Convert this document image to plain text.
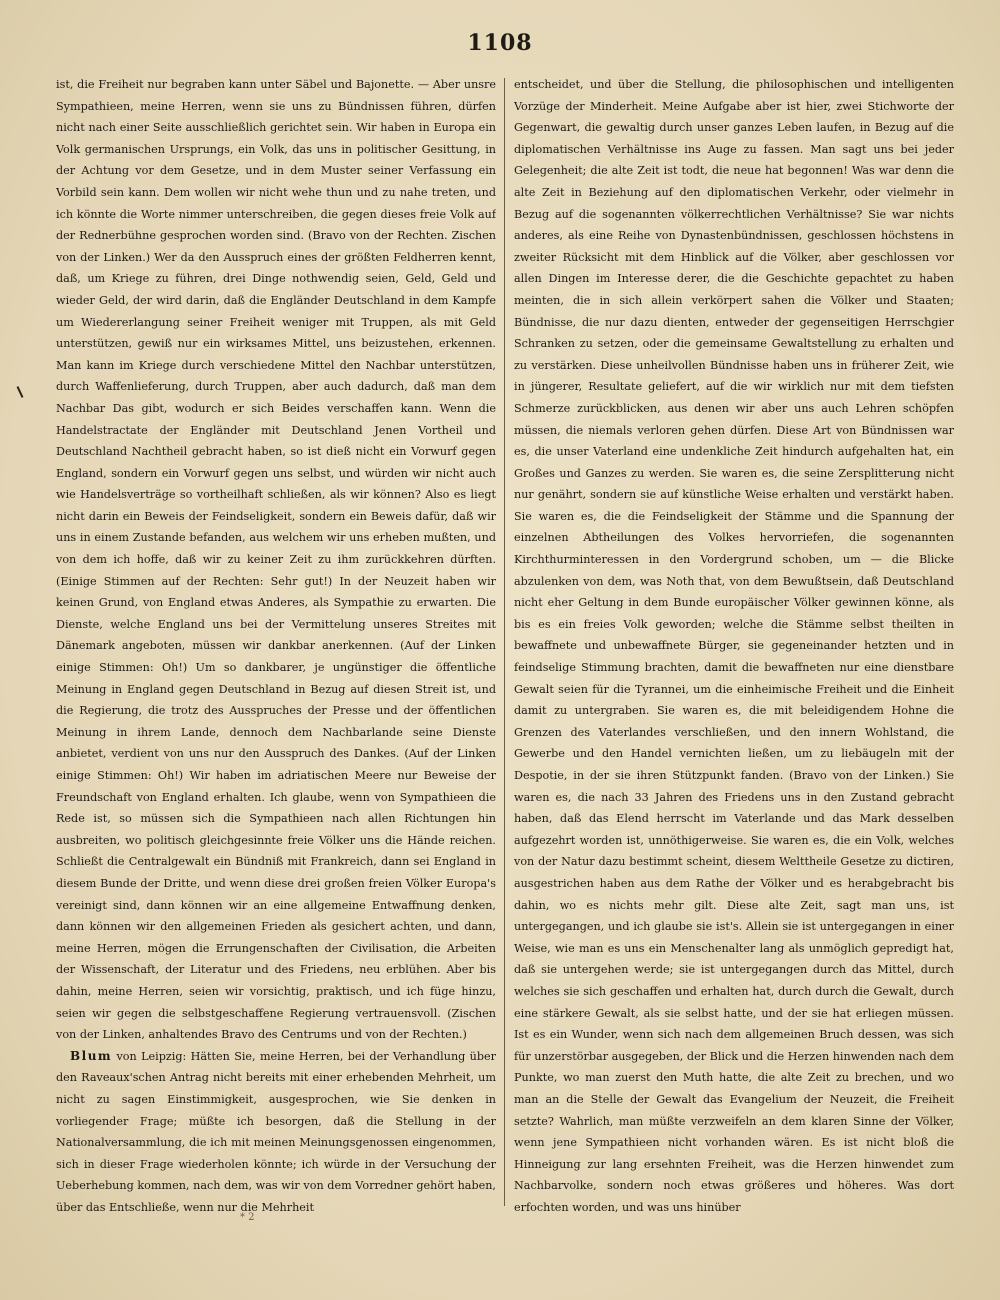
1108

ist, die Freiheit nur begraben kann unter Säbel und Bajonette. — Aber unsre Sympathieen, meine Herren, wenn sie uns zu Bündnissen führen, dürfen nicht nach einer Seite ausschließlich gerichtet sein. Wir haben in Europa ein Volk germanischen Ursprungs, ein Volk, das uns in politischer Gesittung, in der Achtung vor dem Gesetze, und in dem Muster seiner Verfassung ein Vorbild sein kann. Dem wollen wir nicht wehe thun und zu nahe treten, und ich könnte die Worte nimmer unterschreiben, die gegen dieses freie Volk auf der Rednerbühne gesprochen worden sind. (Bravo von der Rechten. Zischen von der Linken.) Wer da den Ausspruch eines der größten Feldherren kennt, daß, um Kriege zu führen, drei Dinge nothwendig seien, Geld, Geld und wieder Geld, der wird darin, daß die Engländer Deutschland in dem Kampfe um Wiedererlangung seiner Freiheit weniger mit Truppen, als mit Geld unterstützen, gewiß nur ein wirksames Mittel, uns beizustehen, erkennen. Man kann im Kriege durch verschiedene Mittel den Nachbar unterstützen, durch Waffenlieferung, durch Truppen, aber auch dadurch, daß man dem Nachbar Das gibt, wodurch er sich Beides verschaffen kann. Wenn die Handelstractate der Engländer mit Deutschland Jenen Vortheil und Deutschland Nachtheil gebracht haben, so ist dieß nicht ein Vorwurf gegen England, sondern ein Vorwurf gegen uns selbst, und würden wir nicht auch wie Handelsverträge so vortheilhaft schließen, als wir können? Also es liegt nicht darin ein Beweis der Feindseligkeit, sondern ein Beweis dafür, daß wir uns in einem Zustande befanden, aus welchem wir uns erheben mußten, und von dem ich hoffe, daß wir zu keiner Zeit zu ihm zurückkehren dürften. (Einige Stimmen auf der Rechten: Sehr gut!) In der Neuzeit haben wir keinen Grund, von England etwas Anderes, als Sympathie zu erwarten. Die Dienste, welche England uns bei der Vermittelung unseres Streites mit Dänemark angeboten, müssen wir dankbar anerkennen. (Auf der Linken einige Stimmen: Oh!) Um so dankbarer, je ungünstiger die öffentliche Meinung in England gegen Deutschland in Bezug auf diesen Streit ist, und die Regierung, die trotz des Ausspruches der Presse und der öffentlichen Meinung in ihrem Lande, dennoch dem Nachbarlande seine Dienste anbietet, verdient von uns nur den Ausspruch des Dankes. (Auf der Linken einige Stimmen: Oh!) Wir haben im adriatischen Meere nur Beweise der Freundschaft von England erhalten. Ich glaube, wenn von Sympathieen die Rede ist, so müssen sich die Sympathieen nach allen Richtungen hin ausbreiten, wo politisch gleichgesinnte freie Völker uns die Hände reichen. Schließt die Centralgewalt ein Bündniß mit Frankreich, dann sei England in diesem Bunde der Dritte, und wenn diese drei großen freien Völker Europa's vereinigt sind, dann können wir an eine allgemeine Entwaffnung denken, dann können wir den allgemeinen Frieden als gesichert achten, und dann, meine Herren, mögen die Errungenschaften der Civilisation, die Arbeiten der Wissenschaft, der Literatur und des Friedens, neu erblühen. Aber bis dahin, meine Herren, seien wir vorsichtig, praktisch, und ich füge hinzu, seien wir gegen die selbstgeschaffene Regierung vertrauensvoll. (Zischen von der Linken, anhaltendes Bravo des Centrums und von der Rechten.)

Blum von Leipzig: Hätten Sie, meine Herren, bei der Verhandlung über den Raveaux'schen Antrag nicht bereits mit einer erhebenden Mehrheit, um nicht zu sagen Einstimmigkeit, ausgesprochen, wie Sie denken in vorliegender Frage; müßte ich besorgen, daß die Stellung in der Nationalversammlung, die ich mit meinen Meinungsgenossen eingenommen, sich in dieser Frage wiederholen könnte; ich würde in der Versuchung der Ueberhebung kommen, nach dem, was wir von dem Vorredner gehört haben, über das Entschließe, wenn nur die Mehrheit

entscheidet, und über die Stellung, die philosophischen und intelligenten Vorzüge der Minderheit. Meine Aufgabe aber ist hier, zwei Stichworte der Gegenwart, die gewaltig durch unser ganzes Leben laufen, in Bezug auf die diplomatischen Verhältnisse ins Auge zu fassen. Man sagt uns bei jeder Gelegenheit; die alte Zeit ist todt, die neue hat begonnen! Was war denn die alte Zeit in Beziehung auf den diplomatischen Verkehr, oder vielmehr in Bezug auf die sogenannten völkerrechtlichen Verhältnisse? Sie war nichts anderes, als eine Reihe von Dynastenbündnissen, geschlossen höchstens in zweiter Rücksicht mit dem Hinblick auf die Völker, aber geschlossen vor allen Dingen im Interesse derer, die die Geschichte gepachtet zu haben meinten, die in sich allein verkörpert sahen die Völker und Staaten; Bündnisse, die nur dazu dienten, entweder der gegenseitigen Herrschgier Schranken zu setzen, oder die gemeinsame Gewaltstellung zu erhalten und zu verstärken. Diese unheilvollen Bündnisse haben uns in früherer Zeit, wie in jüngerer, Resultate geliefert, auf die wir wirklich nur mit dem tiefsten Schmerze zurückblicken, aus denen wir aber uns auch Lehren schöpfen müssen, die niemals verloren gehen dürfen. Diese Art von Bündnissen war es, die unser Vaterland eine undenkliche Zeit hindurch aufgehalten hat, ein Großes und Ganzes zu werden. Sie waren es, die seine Zersplitterung nicht nur genährt, sondern sie auf künstliche Weise erhalten und verstärkt haben. Sie waren es, die die Feindseligkeit der Stämme und die Spannung der einzelnen Abtheilungen des Volkes hervorriefen, die sogenannten Kirchthurminteressen in den Vordergrund schoben, um — die Blicke abzulenken von dem, was Noth that, von dem Bewußtsein, daß Deutschland nicht eher Geltung in dem Bunde europäischer Völker gewinnen könne, als bis es ein freies Volk geworden; welche die Stämme selbst theilten in bewaffnete und unbewaffnete Bürger, sie gegeneinander hetzten und in feindselige Stimmung brachten, damit die bewaffneten nur eine dienstbare Gewalt seien für die Tyrannei, um die einheimische Freiheit und die Einheit damit zu untergraben. Sie waren es, die mit beleidigendem Hohne die Grenzen des Vaterlandes verschließen, und den innern Wohlstand, die Gewerbe und den Handel vernichten ließen, um zu liebäugeln mit der Despotie, in der sie ihren Stützpunkt fanden. (Bravo von der Linken.) Sie waren es, die nach 33 Jahren des Friedens uns in den Zustand gebracht haben, daß das Elend herrscht im Vaterlande und das Mark desselben aufgezehrt worden ist, unnöthigerweise. Sie waren es, die ein Volk, welches von der Natur dazu bestimmt scheint, diesem Welttheile Gesetze zu dictiren, ausgestrichen haben aus dem Rathe der Völker und es herabgebracht bis dahin, wo es nichts mehr gilt. Diese alte Zeit, sagt man uns, ist untergegangen, und ich glaube sie ist's. Allein sie ist untergegangen in einer Weise, wie man es uns ein Menschenalter lang als unmöglich gepredigt hat, daß sie untergehen werde; sie ist untergegangen durch das Mittel, durch welches sie sich geschaffen und erhalten hat, durch durch die Gewalt, durch eine stärkere Gewalt, als sie selbst hatte, und der sie hat erliegen müssen. Ist es ein Wunder, wenn sich nach dem allgemeinen Bruch dessen, was sich für unzerstörbar ausgegeben, der Blick und die Herzen hinwenden nach dem Punkte, wo man zuerst den Muth hatte, die alte Zeit zu brechen, und wo man an die Stelle der Gewalt das Evangelium der Neuzeit, die Freiheit setzte? Wahrlich, man müßte verzweifeln an dem klaren Sinne der Völker, wenn jene Sympathieen nicht vorhanden wären. Es ist nicht bloß die Hinneigung zur lang ersehnten Freiheit, was die Herzen hinwendet zum Nachbarvolke, sondern noch etwas größeres und höheres. Was dort erfochten worden, und was uns hinüber

* 2
